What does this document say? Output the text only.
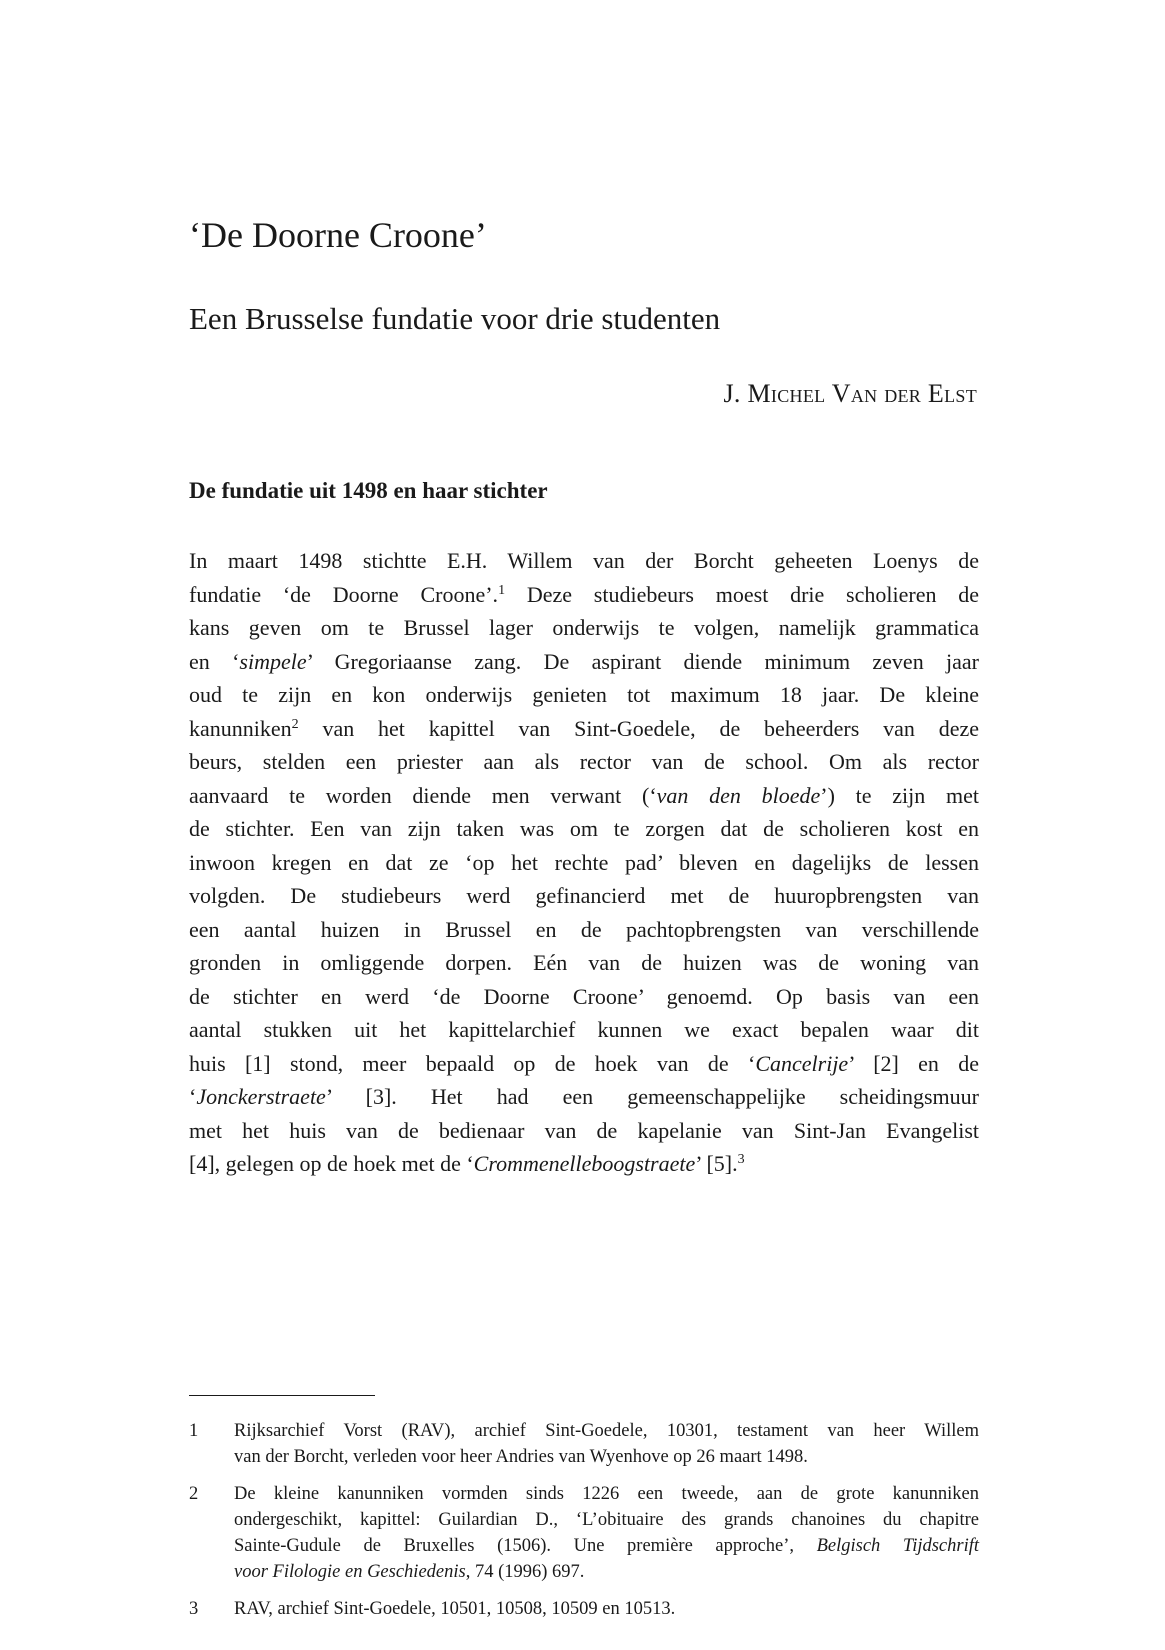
‘De Doorne Croone’
Een Brusselse fundatie voor drie studenten
J. Michel Van der Elst
De fundatie uit 1498 en haar stichter
In maart 1498 stichtte E.H. Willem van der Borcht geheeten Loenys de
fundatie ‘de Doorne Croone’.$^1$ Deze studiebeurs moest drie scholieren de
kans geven om te Brussel lager onderwijs te volgen, namelijk grammatica
en ‘simpele’ Gregoriaanse zang. De aspirant diende minimum zeven jaar
oud te zijn en kon onderwijs genieten tot maximum 18 jaar. De kleine
kanunniken$^2$ van het kapittel van Sint-Goedele, de beheerders van deze
beurs, stelden een priester aan als rector van de school. Om als rector
aanvaard te worden diende men verwant (‘van den bloede’) te zijn met
de stichter. Een van zijn taken was om te zorgen dat de scholieren kost en
inwoon kregen en dat ze ‘op het rechte pad’ bleven en dagelijks de lessen
volgden. De studiebeurs werd gefinancierd met de huuropbrengsten van
een aantal huizen in Brussel en de pachtopbrengsten van verschillende
gronden in omliggende dorpen. Eén van de huizen was de woning van
de stichter en werd ‘de Doorne Croone’ genoemd. Op basis van een
aantal stukken uit het kapittelarchief kunnen we exact bepalen waar dit
huis [1] stond, meer bepaald op de hoek van de ‘Cancelrije’ [2] en de
‘Jonckerstraete’ [3]. Het had een gemeenschappelijke scheidingsmuur
met het huis van de bedienaar van de kapelanie van Sint-Jan Evangelist
[4], gelegen op de hoek met de ‘Crommenelleboogstraete’ [5].$^3$
1 Rijksarchief Vorst (RAV), archief Sint-Goedele, 10301, testament van heer Willem
van der Borcht, verleden voor heer Andries van Wyenhove op 26 maart 1498.
2 De kleine kanunniken vormden sinds 1226 een tweede, aan de grote kanunniken
ondergeschikt, kapittel: Guilardian D., ‘L’obituaire des grands chanoines du chapitre
Sainte-Gudule de Bruxelles (1506). Une première approche’, Belgisch Tijdschrift
voor Filologie en Geschiedenis, 74 (1996) 697.
3 RAV, archief Sint-Goedele, 10501, 10508, 10509 en 10513.
